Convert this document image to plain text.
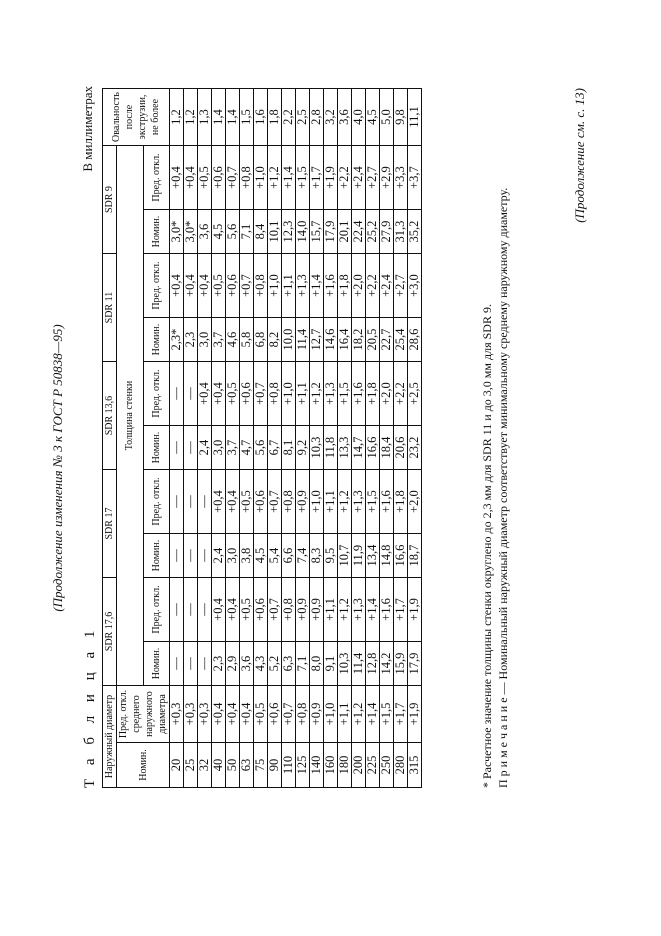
(Продолжение изменения № 3 к ГОСТ Р 50838—95)
Т а б л и ц а 1
В миллиметрах
Наружный диаметр		SDR 17,6		SDR 17		SDR 13,6		SDR 11		SDR 9		Овальность после экструзии, не более
Номин.	Пред. откл. среднего наружного диаметра	Толщина стенки										
		Номин.	Пред. откл.	Номин.	Пред. откл.	Номин.	Пред. откл.	Номин.	Пред. откл.	Номин.	Пред. откл.	
20	+0,3	—	—	—	—	—	—	2,3*	+0,4	3,0*	+0,4	1,2
25	+0,3	—	—	—	—	—	—	2,3	+0,4	3,0*	+0,4	1,2
32	+0,3	—	—	—	—	2,4	+0,4	3,0	+0,4	3,6	+0,5	1,3
40	+0,4	2,3	+0,4	2,4	+0,4	3,0	+0,4	3,7	+0,5	4,5	+0,6	1,4
50	+0,4	2,9	+0,4	3,0	+0,4	3,7	+0,5	4,6	+0,6	5,6	+0,7	1,4
63	+0,4	3,6	+0,5	3,8	+0,5	4,7	+0,6	5,8	+0,7	7,1	+0,8	1,5
75	+0,5	4,3	+0,6	4,5	+0,6	5,6	+0,7	6,8	+0,8	8,4	+1,0	1,6
90	+0,6	5,2	+0,7	5,4	+0,7	6,7	+0,8	8,2	+1,0	10,1	+1,2	1,8
110	+0,7	6,3	+0,8	6,6	+0,8	8,1	+1,0	10,0	+1,1	12,3	+1,4	2,2
125	+0,8	7,1	+0,9	7,4	+0,9	9,2	+1,1	11,4	+1,3	14,0	+1,5	2,5
140	+0,9	8,0	+0,9	8,3	+1,0	10,3	+1,2	12,7	+1,4	15,7	+1,7	2,8
160	+1,0	9,1	+1,1	9,5	+1,1	11,8	+1,3	14,6	+1,6	17,9	+1,9	3,2
180	+1,1	10,3	+1,2	10,7	+1,2	13,3	+1,5	16,4	+1,8	20,1	+2,2	3,6
200	+1,2	11,4	+1,3	11,9	+1,3	14,7	+1,6	18,2	+2,0	22,4	+2,4	4,0
225	+1,4	12,8	+1,4	13,4	+1,5	16,6	+1,8	20,5	+2,2	25,2	+2,7	4,5
250	+1,5	14,2	+1,6	14,8	+1,6	18,4	+2,0	22,7	+2,4	27,9	+2,9	5,0
280	+1,7	15,9	+1,7	16,6	+1,8	20,6	+2,2	25,4	+2,7	31,3	+3,3	9,8
315	+1,9	17,9	+1,9	18,7	+2,0	23,2	+2,5	28,6	+3,0	35,2	+3,7	11,1

* Расчетное значение толщины стенки округлено до 2,3 мм для SDR 11 и до 3,0 мм для SDR 9. П р и м е ч а н и е — Номинальный наружный диаметр соответствует минимальному среднему наружному диаметру.

(Продолжение см. с. 13)
